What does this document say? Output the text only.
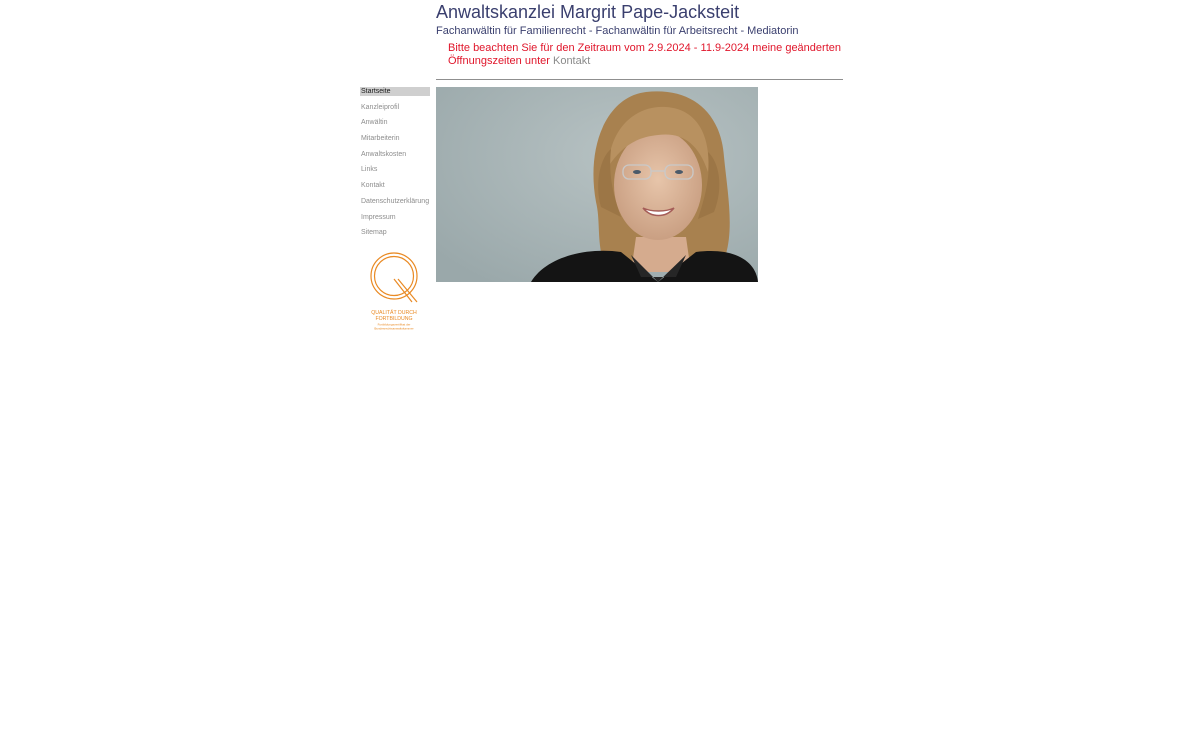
Anwaltskanzlei Margrit Pape-Jacksteit
Fachanwältin für Familienrecht - Fachanwältin für Arbeitsrecht - Mediatorin
Bitte beachten Sie für den Zeitraum vom 2.9.2024 - 11.9-2024 meine geänderten
Öffnungszeiten unter Kontakt
Startseite
Kanzleiprofil
Anwältin
Mitarbeiterin
Anwaltskosten
Links
Kontakt
Datenschutzerklärung
Impressum
Sitemap
QUALITÄT DURCH
FORTBILDUNG
Fortbildungszertifikat der
Bundesrechtsanwaltskammer
